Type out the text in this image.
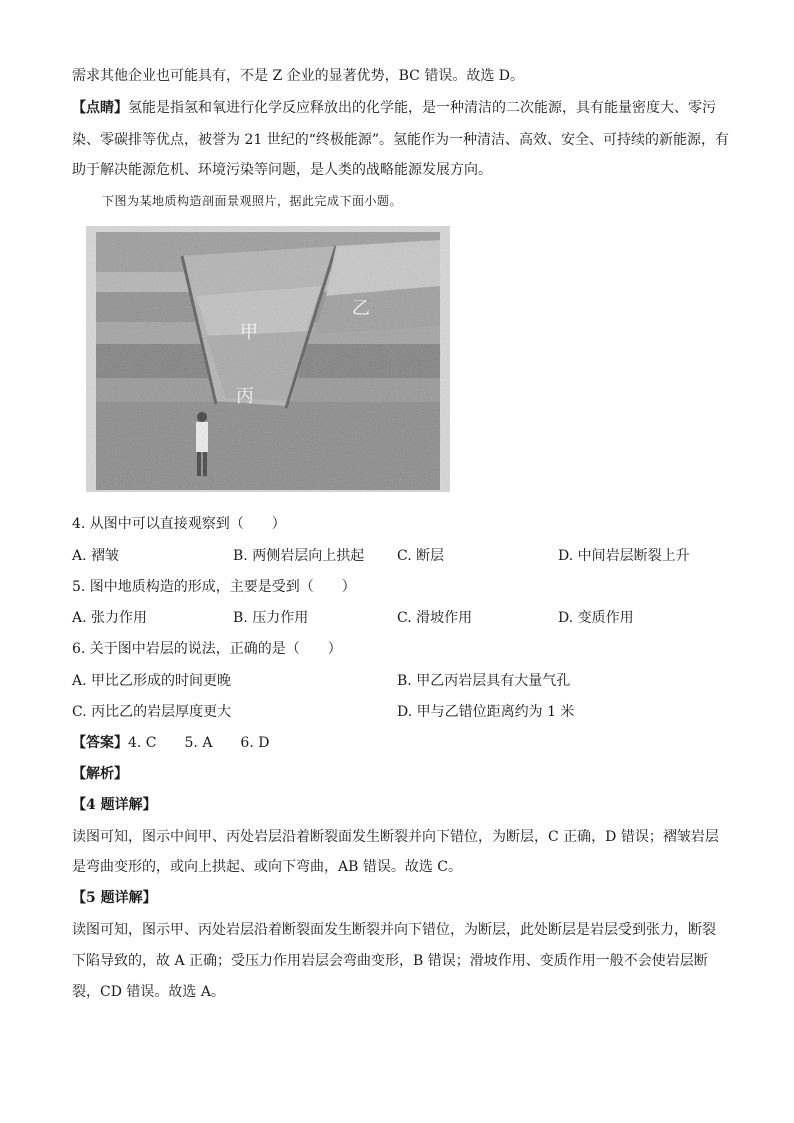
需求其他企业也可能具有，不是 Z 企业的显著优势，BC 错误。故选 D。
【点睛】氢能是指氢和氧进行化学反应释放出的化学能，是一种清洁的二次能源，具有能量密度大、零污
染、零碳排等优点，被誉为 21 世纪的“终极能源”。氢能作为一种清洁、高效、安全、可持续的新能源，有
助于解决能源危机、环境污染等问题，是人类的战略能源发展方向。
下图为某地质构造剖面景观照片，据此完成下面小题。
甲
乙
丙
4. 从图中可以直接观察到（　　）
A. 褶皱	B. 两侧岩层向上拱起 C. 断层	D. 中间岩层断裂上升
5. 图中地质构造的形成，主要是受到（　　）
A. 张力作用	B. 压力作用	C. 滑坡作用	D. 变质作用
6. 关于图中岩层的说法，正确的是（　　）
A. 甲比乙形成的时间更晚	B. 甲乙丙岩层具有大量气孔
C. 丙比乙的岩层厚度更大	D. 甲与乙错位距离约为 1 米
【答案】4. C　　5. A　　6. D
【解析】
【4 题详解】
读图可知，图示中间甲、丙处岩层沿着断裂面发生断裂并向下错位，为断层，C 正确，D 错误；褶皱岩层
是弯曲变形的，或向上拱起、或向下弯曲，AB 错误。故选 C。
【5 题详解】
读图可知，图示甲、丙处岩层沿着断裂面发生断裂并向下错位，为断层，此处断层是岩层受到张力，断裂
下陷导致的，故 A 正确；受压力作用岩层会弯曲变形，B 错误；滑坡作用、变质作用一般不会使岩层断
裂，CD 错误。故选 A。
